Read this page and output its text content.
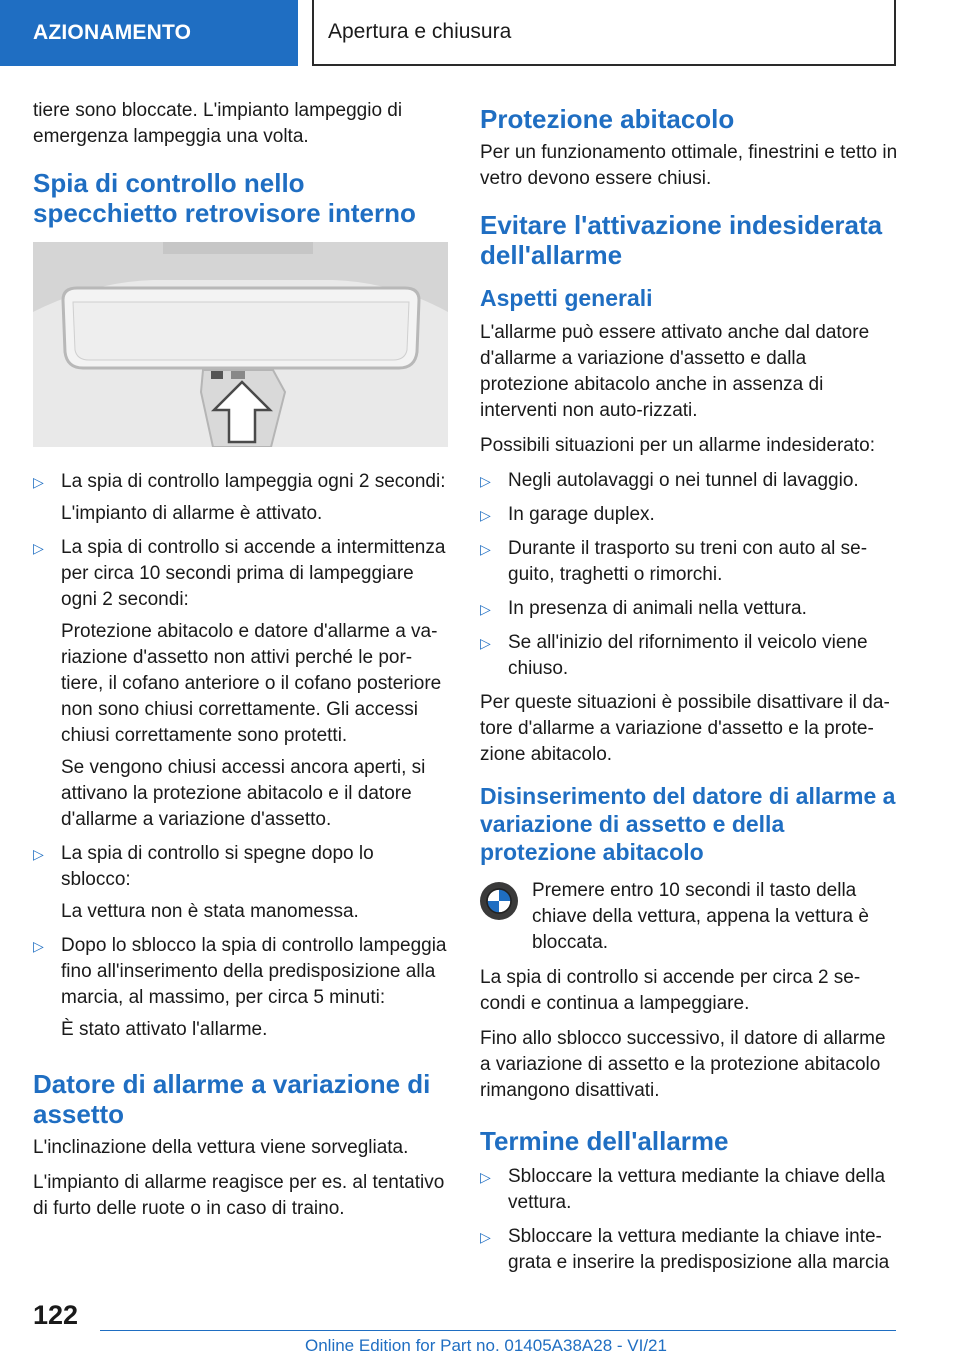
AZIONAMENTO	Apertura e chiusura

tiere sono bloccate. L'impianto lampeggio di emergenza lampeggia una volta.

Spia di controllo nello specchietto retrovisore interno
▷ La spia di controllo lampeggia ogni 2 secondi:

L'impianto di allarme è attivato.

▷ La spia di controllo si accende a intermittenza per circa 10 secondi prima di lampeggiare ogni 2 secondi:

Protezione abitacolo e datore d'allarme a va-riazione d'assetto non attivi perché le por-tiere, il cofano anteriore o il cofano posteriore non sono chiusi correttamente. Gli accessi chiusi correttamente sono protetti.

Se vengono chiusi accessi ancora aperti, si attivano la protezione abitacolo e il datore d'allarme a variazione d'assetto.

▷ La spia di controllo si spegne dopo lo sblocco:

La vettura non è stata manomessa.

▷ Dopo lo sblocco la spia di controllo lampeggia fino all'inserimento della predisposizione alla marcia, al massimo, per circa 5 minuti:

È stato attivato l'allarme.

Datore di allarme a variazione di assetto

L'inclinazione della vettura viene sorvegliata.

L'impianto di allarme reagisce per es. al tentativo di furto delle ruote o in caso di traino.

Protezione abitacolo

Per un funzionamento ottimale, finestrini e tetto in vetro devono essere chiusi.

Evitare l'attivazione indesiderata dell'allarme
Aspetti generali

L'allarme può essere attivato anche dal datore d'allarme a variazione d'assetto e dalla protezione abitacolo anche in assenza di interventi non auto-rizzati.

Possibili situazioni per un allarme indesiderato:

▷ Negli autolavaggi o nei tunnel di lavaggio.
▷ In garage duplex.
▷ Durante il trasporto su treni con auto al se-guito, traghetti o rimorchi.
▷ In presenza di animali nella vettura.
▷ Se all'inizio del rifornimento il veicolo viene chiuso.

Per queste situazioni è possibile disattivare il da-tore d'allarme a variazione d'assetto e la prote-zione abitacolo.

Disinserimento del datore di allarme a variazione di assetto e della protezione abitacolo

Premere entro 10 secondi il tasto della chiave della vettura, appena la vettura è bloccata.

La spia di controllo si accende per circa 2 se-condi e continua a lampeggiare.

Fino allo sblocco successivo, il datore di allarme a variazione di assetto e la protezione abitacolo rimangono disattivati.

Termine dell'allarme
▷ Sbloccare la vettura mediante la chiave della vettura.
▷ Sbloccare la vettura mediante la chiave inte-grata e inserire la predisposizione alla marcia
122
Online Edition for Part no. 01405A38A28 - VI/21
